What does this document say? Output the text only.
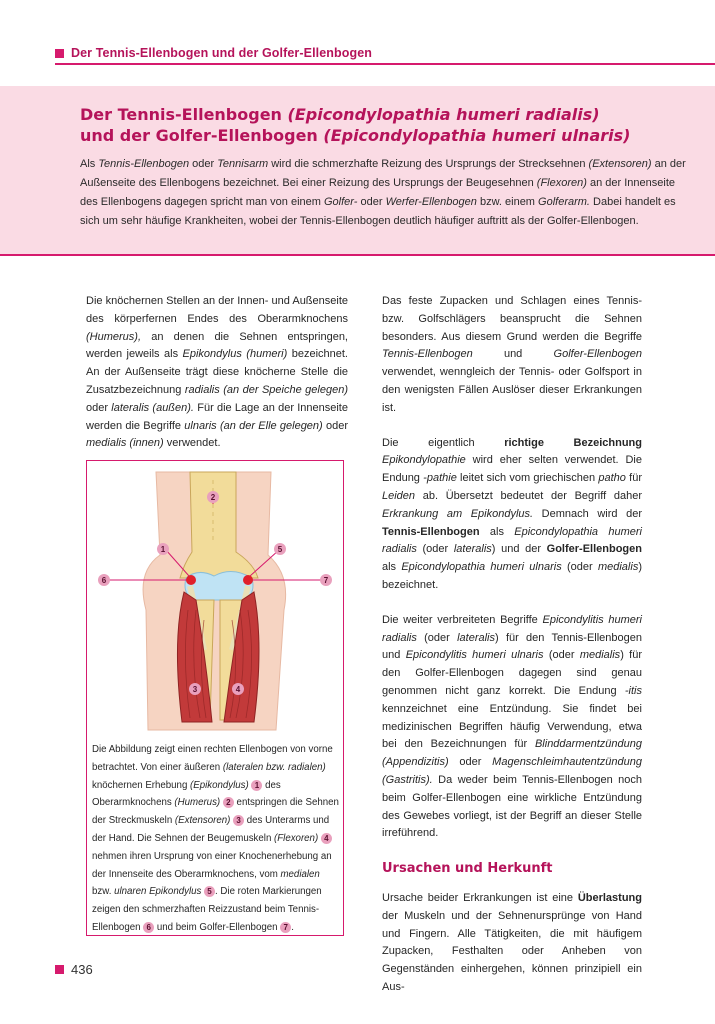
Der Tennis-Ellenbogen und der Golfer-Ellenbogen
Der Tennis-Ellenbogen (Epicondylopathia humeri radialis)
und der Golfer-Ellenbogen (Epicondylopathia humeri ulnaris)
Als Tennis-Ellenbogen oder Tennisarm wird die schmerzhafte Reizung des Ursprungs der Strecksehnen (Extensoren) an der Außenseite des Ellenbogens bezeichnet. Bei einer Reizung des Ursprungs der Beugesehnen (Flexoren) an der Innenseite des Ellenbogens dagegen spricht man von einem Golfer- oder Werfer-Ellenbogen bzw. einem Golferarm. Dabei handelt es sich um sehr häufige Krankheiten, wobei der Tennis-Ellenbogen deutlich häufiger auftritt als der Golfer-Ellenbogen.

Die knöchernen Stellen an der Innen- und Außenseite des körperfernen Endes des Oberarmknochens (Humerus), an denen die Sehnen entspringen, werden jeweils als Epikondylus (humeri) bezeichnet. An der Außenseite trägt diese knöcherne Stelle die Zusatzbezeichnung radialis (an der Speiche gelegen) oder lateralis (außen). Für die Lage an der Innenseite werden die Begriffe ulnaris (an der Elle gelegen) oder medialis (innen) verwendet.

1
2
3	4
5
6	7
Die Abbildung zeigt einen rechten Ellenbogen von vorne betrachtet. Von einer äußeren (lateralen bzw. radialen) knöchernen Erhebung (Epikondylus) 1 des Oberarmknochens (Humerus) 2 entspringen die Sehnen der Streckmuskeln (Extensoren) 3 des Unterarms und der Hand. Die Sehnen der Beugemuskeln (Flexoren) 4 nehmen ihren Ursprung von einer Knochenerhebung an der Innenseite des Oberarmknochens, vom medialen bzw. ulnaren Epikondylus 5 . Die roten Markierungen zeigen den schmerzhaften Reizzustand beim Tennis-Ellenbogen 6 und beim Golfer-Ellenbogen 7 .

Das feste Zupacken und Schlagen eines Tennis- bzw. Golfschlägers beansprucht die Sehnen besonders. Aus diesem Grund werden die Begriffe Tennis-Ellenbogen und Golfer-Ellenbogen verwendet, wenngleich der Tennis- oder Golfsport in den wenigsten Fällen Auslöser dieser Erkrankungen ist.

Die eigentlich richtige Bezeichnung Epikondylopathie wird eher selten verwendet. Die Endung -pathie leitet sich vom griechischen patho für Leiden ab. Übersetzt bedeutet der Begriff daher Erkrankung am Epikondylus. Demnach wird der Tennis-Ellenbogen als Epicondylopathia humeri radialis (oder lateralis) und der Golfer-Ellenbogen als Epicondylopathia humeri ulnaris (oder medialis) bezeichnet.

Die weiter verbreiteten Begriffe Epicondylitis humeri radialis (oder lateralis) für den Tennis-Ellenbogen und Epicondylitis humeri ulnaris (oder medialis) für den Golfer-Ellenbogen dagegen sind genau genommen nicht ganz korrekt. Die Endung -itis kennzeichnet eine Entzündung. Sie findet bei medizinischen Begriffen häufig Verwendung, etwa bei den Bezeichnungen für Blinddarmentzündung (Appendizitis) oder Magenschleimhautentzündung (Gastritis). Da weder beim Tennis-Ellenbogen noch beim Golfer-Ellenbogen eine wirkliche Entzündung des Gewebes vorliegt, ist der Begriff an dieser Stelle irreführend.

Ursachen und Herkunft

Ursache beider Erkrankungen ist eine Überlastung der Muskeln und der Sehnenursprünge von Hand und Fingern. Alle Tätigkeiten, die mit häufigem Zupacken, Festhalten oder Anheben von Gegenständen einhergehen, können prinzipiell ein Aus-

436
